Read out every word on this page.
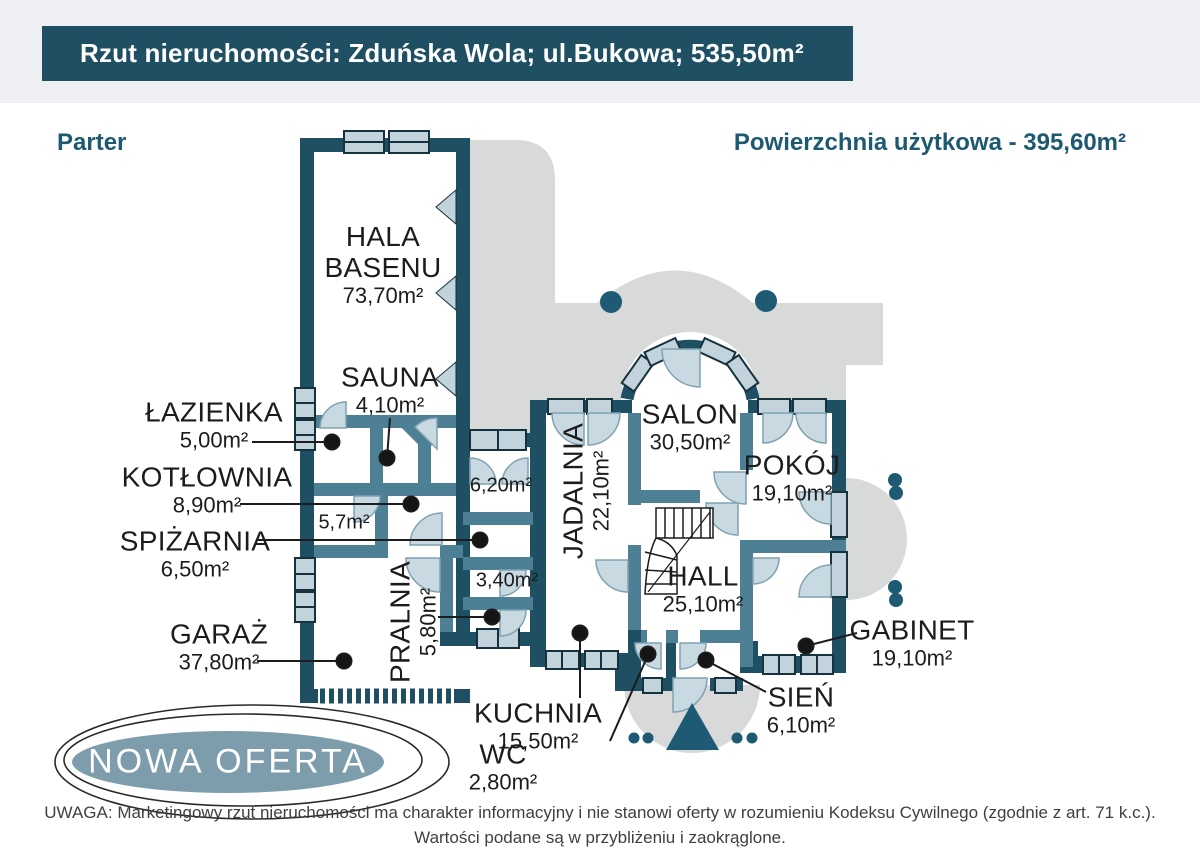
Rzut nieruchomości: Zduńska Wola; ul.Bukowa; 535,50m²
Parter	Powierzchnia użytkowa - 395,60m²
HALA BASENU
73,70m²
SAUNA
4,10m²
ŁAZIENKA
5,00m²
KOTŁOWNIA
8,90m²
SPIŻARNIA
6,50m²
GARAŻ
37,80m²	PRALNIA 5,80m²
JADALNIA 22,10m²
SALON
30,50m²
POKÓJ
19,10m²
HALL
25,10m²
GABINET
19,10m²
SIEŃ
6,10m²
KUCHNIA
15,50m²
WC
2,80m²
6,20m²
5,7m²
3,40m²
NOWA OFERTA
UWAGA: Marketingowy rzut nieruchomości ma charakter informacyjny i nie stanowi oferty w rozumieniu Kodeksu Cywilnego (zgodnie z art. 71 k.c.).
Wartości podane są w przybliżeniu i zaokrąglone.
